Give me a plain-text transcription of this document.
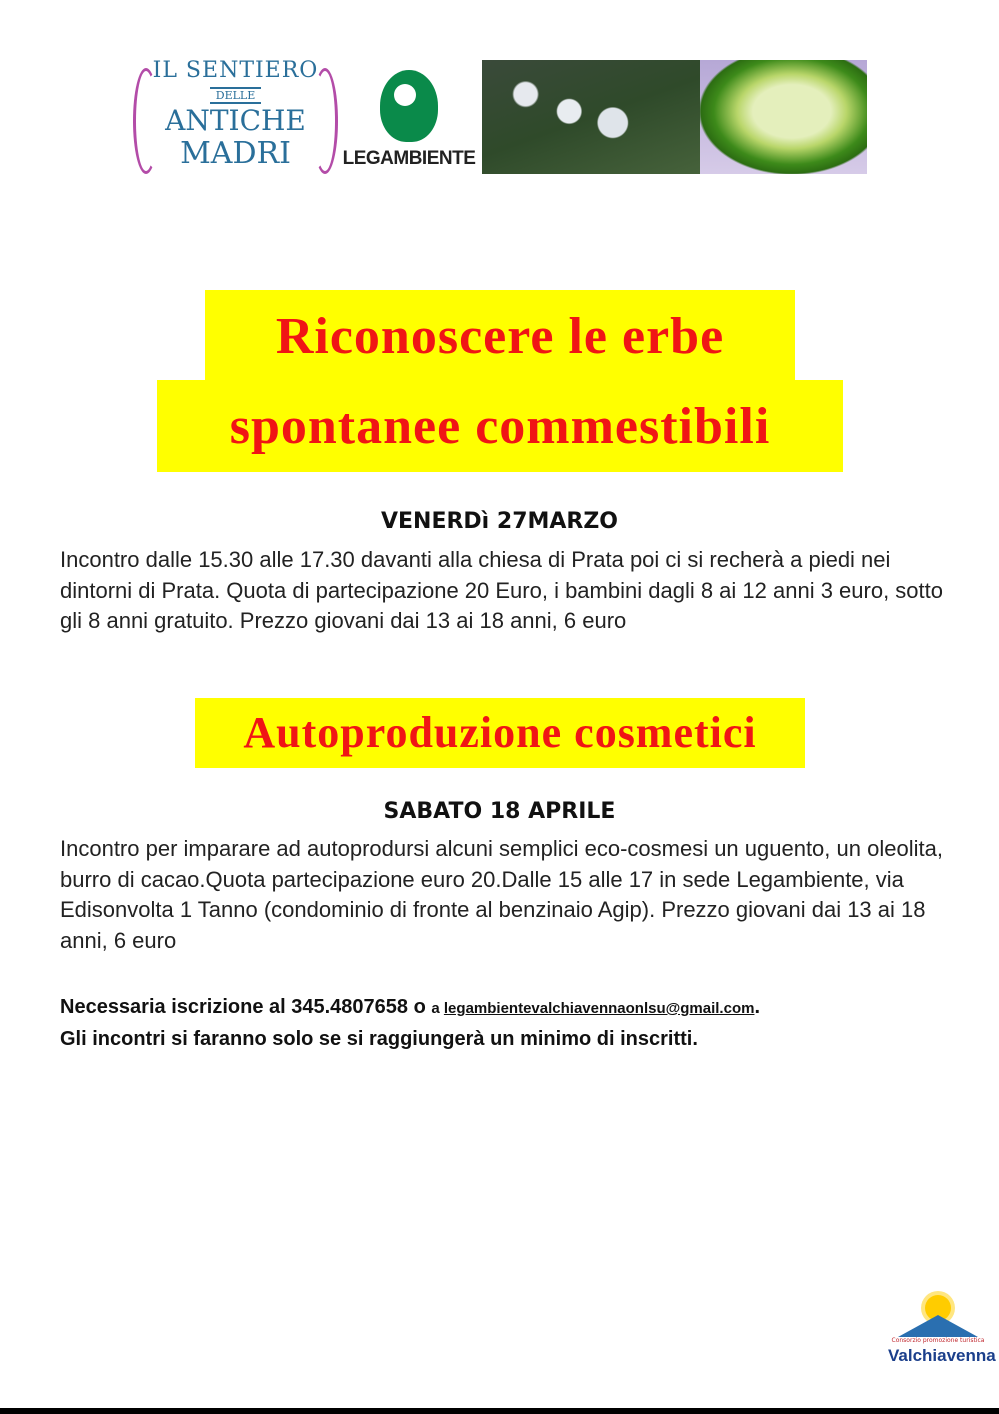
IL SENTIERO
DELLE
ANTICHE
MADRI	LEGAMBIENTE
Riconoscere le erbe
spontanee commestibili
VENERDì 27MARZO
Incontro dalle 15.30 alle 17.30 davanti alla chiesa di Prata poi ci si recherà a piedi nei dintorni di Prata. Quota di partecipazione 20 Euro, i bambini dagli 8 ai 12 anni 3 euro, sotto gli 8 anni gratuito. Prezzo giovani dai 13 ai 18 anni, 6 euro
Autoproduzione cosmetici
SABATO 18 APRILE
Incontro per imparare ad autoprodursi alcuni semplici eco-cosmesi un uguento, un oleolita, burro di cacao.Quota partecipazione euro 20.Dalle 15 alle 17 in sede Legambiente, via Edisonvolta 1 Tanno (condominio di fronte al benzinaio Agip). Prezzo giovani dai 13 ai 18 anni, 6 euro
Necessaria iscrizione al 345.4807658 o a legambientevalchiavennaonlsu@gmail.com.
Gli incontri si faranno solo se si raggiungerà un minimo di inscritti.
Consorzio promozione turistica
Valchiavenna
